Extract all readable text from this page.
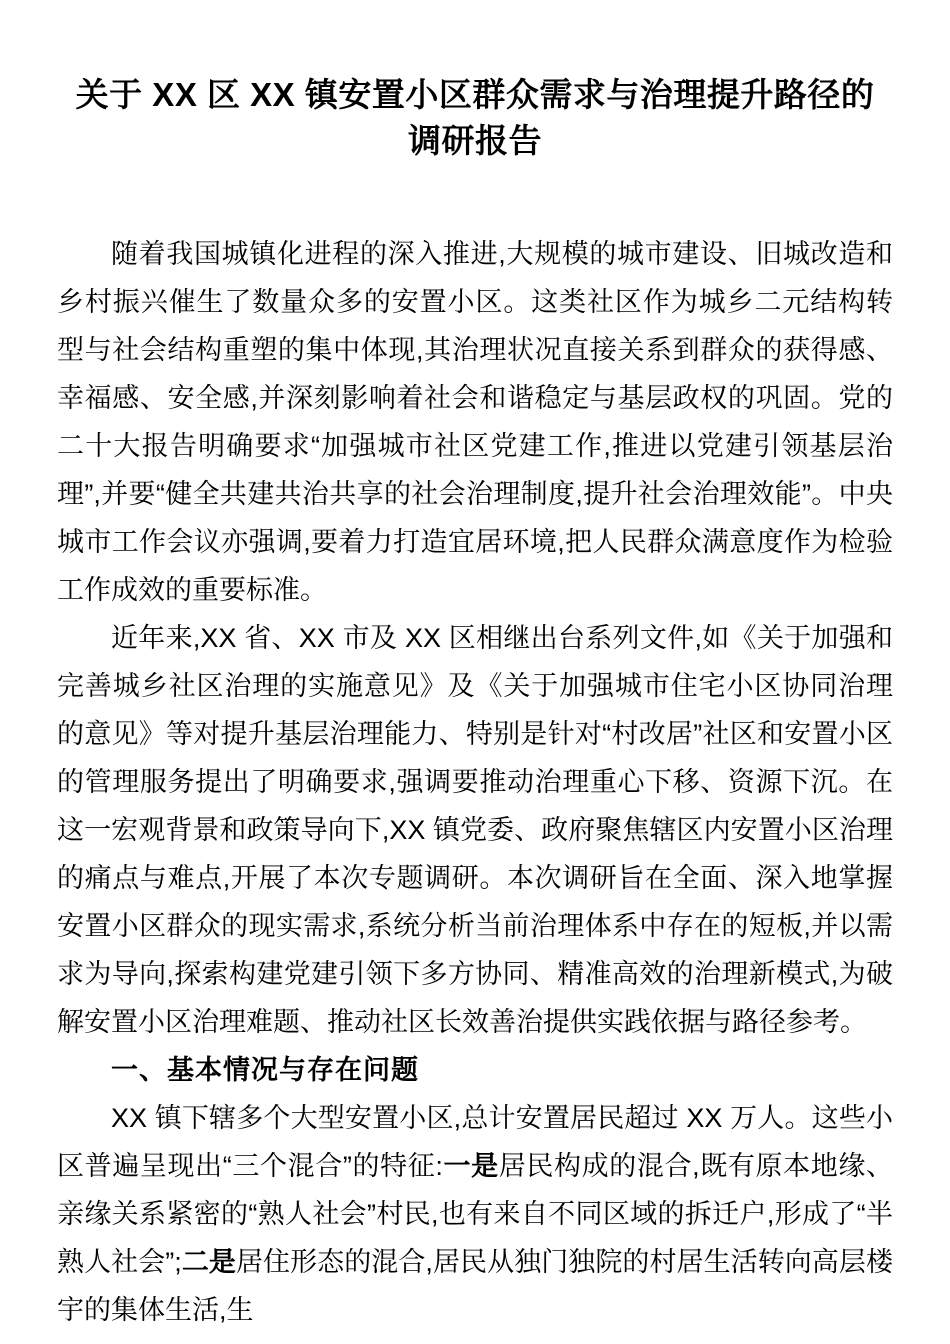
关于 XX 区 XX 镇安置小区群众需求与治理提升路径的
调研报告

随着我国城镇化进程的深入推进,大规模的城市建设、旧城改造和乡村振兴催生了数量众多的安置小区。这类社区作为城乡二元结构转型与社会结构重塑的集中体现,其治理状况直接关系到群众的获得感、幸福感、安全感,并深刻影响着社会和谐稳定与基层政权的巩固。党的二十大报告明确要求“加强城市社区党建工作,推进以党建引领基层治理”,并要“健全共建共治共享的社会治理制度,提升社会治理效能”。中央城市工作会议亦强调,要着力打造宜居环境,把人民群众满意度作为检验工作成效的重要标准。

近年来,XX 省、XX 市及 XX 区相继出台系列文件,如《关于加强和完善城乡社区治理的实施意见》及《关于加强城市住宅小区协同治理的意见》等对提升基层治理能力、特别是针对“村改居”社区和安置小区的管理服务提出了明确要求,强调要推动治理重心下移、资源下沉。在这一宏观背景和政策导向下,XX 镇党委、政府聚焦辖区内安置小区治理的痛点与难点,开展了本次专题调研。本次调研旨在全面、深入地掌握安置小区群众的现实需求,系统分析当前治理体系中存在的短板,并以需求为导向,探索构建党建引领下多方协同、精准高效的治理新模式,为破解安置小区治理难题、推动社区长效善治提供实践依据与路径参考。

一、基本情况与存在问题

XX 镇下辖多个大型安置小区,总计安置居民超过 XX 万人。这些小区普遍呈现出“三个混合”的特征:一是居民构成的混合,既有原本地缘、亲缘关系紧密的“熟人社会”村民,也有来自不同区域的拆迁户,形成了“半熟人社会”;二是居住形态的混合,居民从独门独院的村居生活转向高层楼宇的集体生活,生
